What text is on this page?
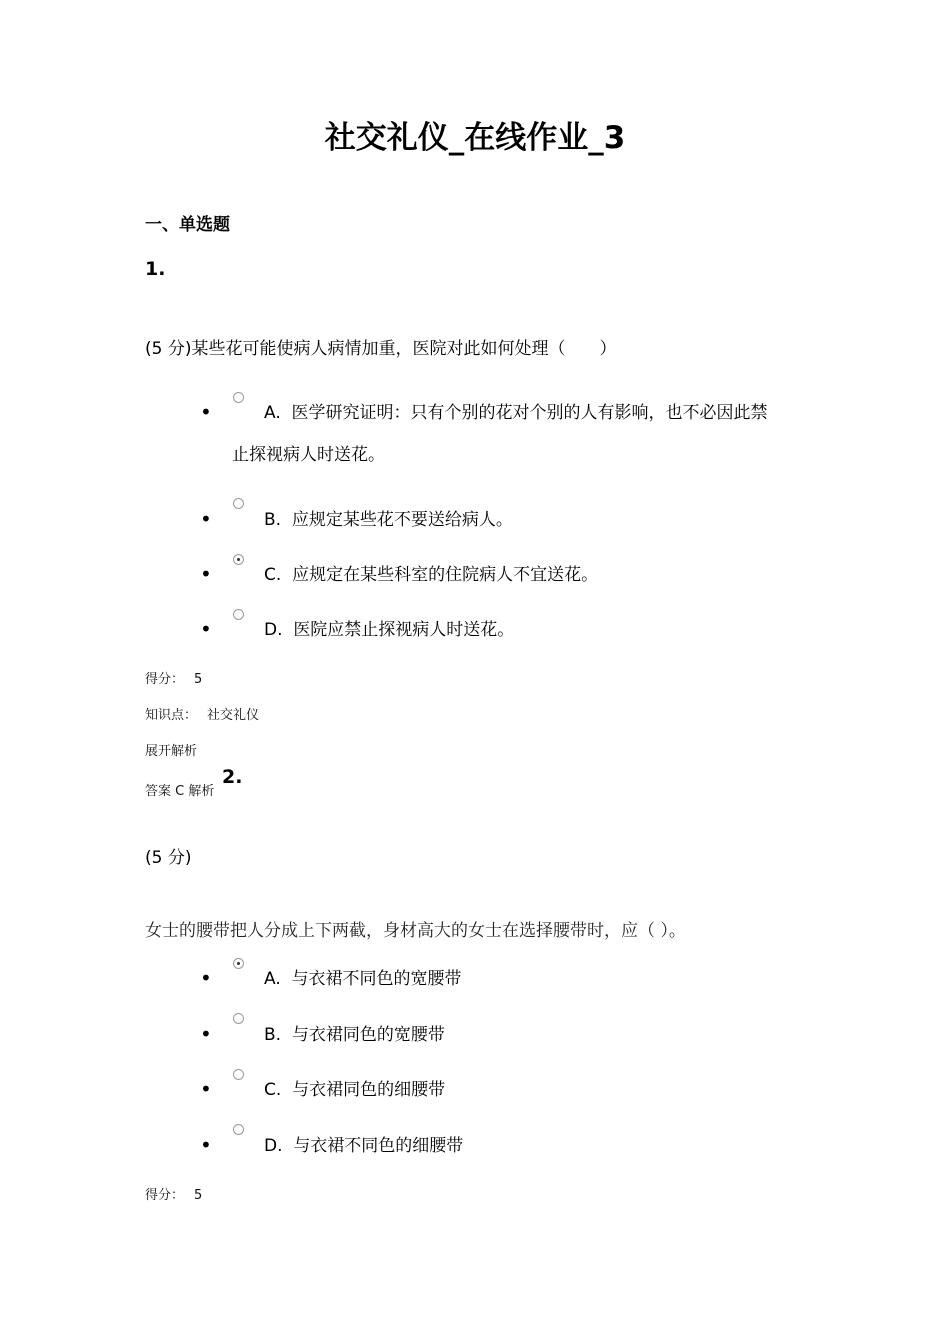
社交礼仪_在线作业_3
一、单选题
1.
(5 分)某些花可能使病人病情加重，医院对此如何处理（　　）
•	A. 医学研究证明：只有个别的花对个别的人有影响，也不必因此禁
止探视病人时送花。
•	B. 应规定某些花不要送给病人。
•	C. 应规定在某些科室的住院病人不宜送花。
•	D. 医院应禁止探视病人时送花。
得分： 5
知识点： 社交礼仪
展开解析
答案 C 解析
2.
(5 分)
女士的腰带把人分成上下两截，身材高大的女士在选择腰带时，应（ ）。
•	A. 与衣裙不同色的宽腰带
•	B. 与衣裙同色的宽腰带
•	C. 与衣裙同色的细腰带
•	D. 与衣裙不同色的细腰带
得分： 5
